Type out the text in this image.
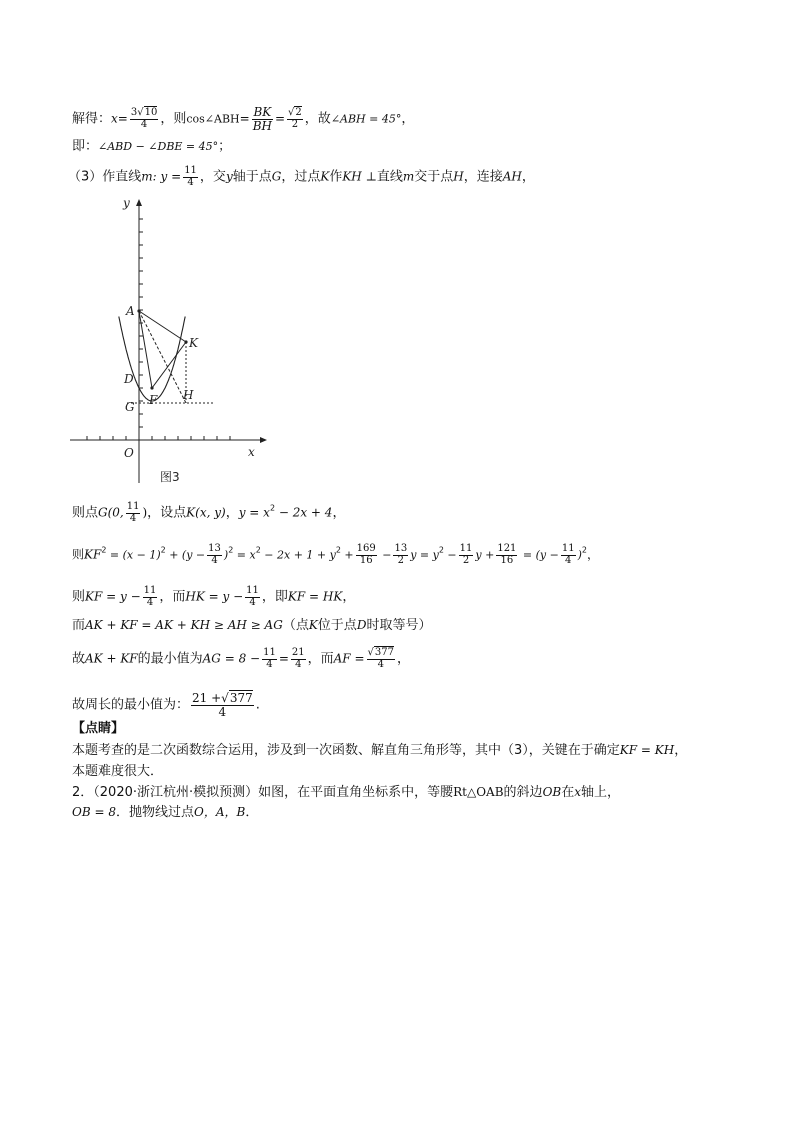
解得：$x= \frac{3√10}{4}$ ，则cos∠ABH= $\frac{BK}{BH} = \frac{√2}{2}$ ，故∠ABH = 45°，
即：∠ABD − ∠DBE = 45°；
（3）作直线m: $y = \frac{11}{4}$ ，交y轴于点G，过点K作KH ⊥直线m交于点H，连接AH，
y
x
A
K
D
F H
G
O
图3
则点G(0, $\frac{11}{4}$ )，设点K(x, y)，$y = x^2 - 2x + 4$，
则$KF^2 = (x - 1)^2 + (y - \frac{13}{4} )^2 = x^2 - 2x + 1 + y^2 + \frac{169}{16} - \frac{13}{2}$ $y = y^2 - \frac{11}{2}$ $y + \frac{121}{16} = (y - \frac{11}{4} )^2$，
则KF = $y - \frac{11}{4}$ ，而HK = $y - \frac{11}{4}$ ，即KF = HK，
而AK + KF = AK + KH ≥ AH ≥ AG（点K位于点D时取等号）
故AK + KF的最小值为AG = $8 - \frac{11}{4} = \frac{21}{4}$ ，而AF = $\frac{√377}{4}$ ，
故周长的最小值为： $\frac{21 +√377}{4}$ .
【点睛】
本题考查的是二次函数综合运用，涉及到一次函数、解直角三角形等，其中（3），关键在于确定KF = KH，
本题难度很大．
2．（2020·浙江杭州·模拟预测）如图，在平面直角坐标系中，等腰Rt△OAB的斜边OB在x轴上，
OB = 8．抛物线过点O，A，B．
